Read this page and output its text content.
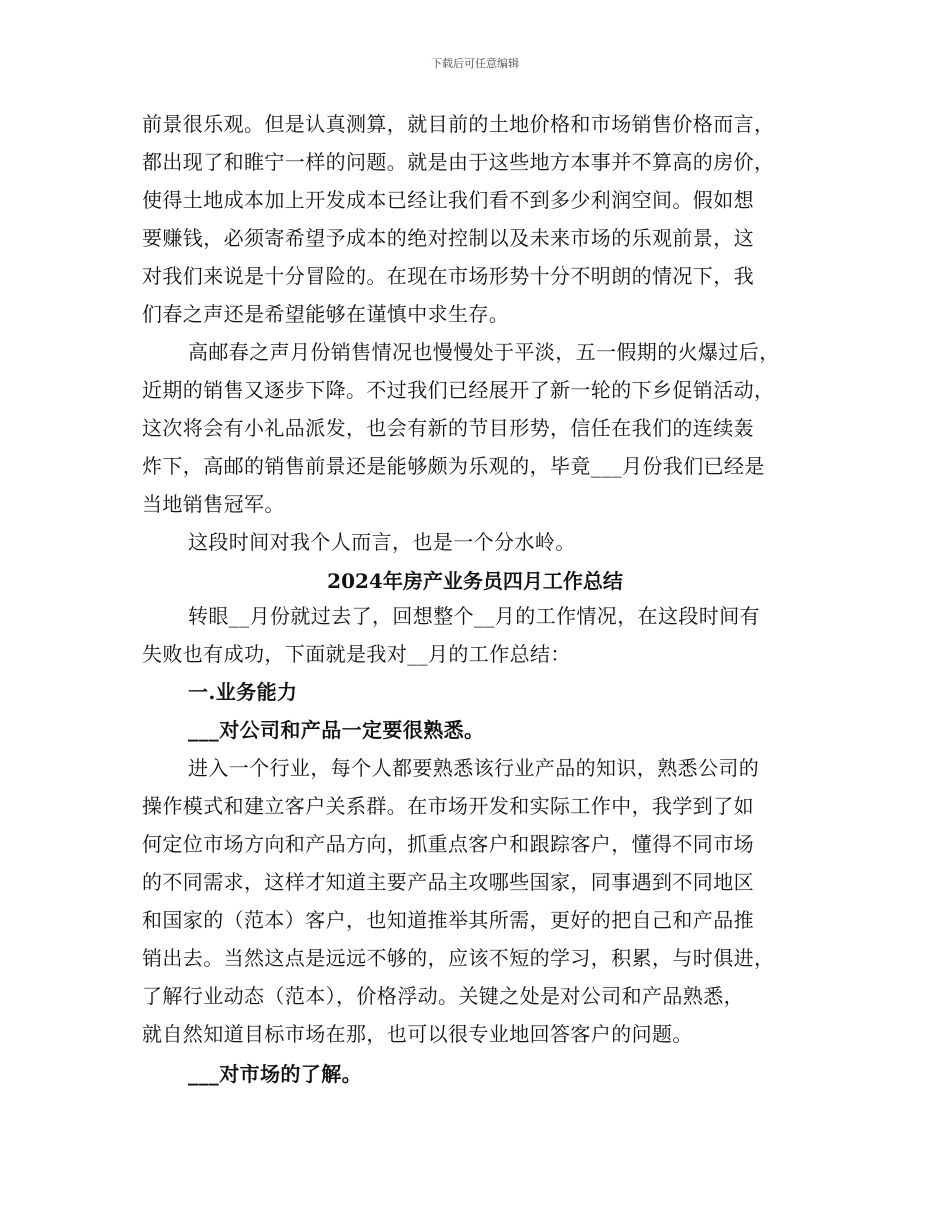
下载后可任意编辑
前景很乐观。但是认真测算，就目前的土地价格和市场销售价格而言，
都出现了和睢宁一样的问题。就是由于这些地方本事并不算高的房价，
使得土地成本加上开发成本已经让我们看不到多少利润空间。假如想
要赚钱，必须寄希望予成本的绝对控制以及未来市场的乐观前景，这
对我们来说是十分冒险的。在现在市场形势十分不明朗的情况下，我
们春之声还是希望能够在谨慎中求生存。
高邮春之声月份销售情况也慢慢处于平淡，五一假期的火爆过后，
近期的销售又逐步下降。不过我们已经展开了新一轮的下乡促销活动，
这次将会有小礼品派发，也会有新的节目形势，信任在我们的连续轰
炸下，高邮的销售前景还是能够颇为乐观的，毕竟___月份我们已经是
当地销售冠军。
这段时间对我个人而言，也是一个分水岭。
2024年房产业务员四月工作总结
转眼__月份就过去了，回想整个__月的工作情况，在这段时间有
失败也有成功，下面就是我对__月的工作总结：
一.业务能力
___对公司和产品一定要很熟悉。
进入一个行业，每个人都要熟悉该行业产品的知识，熟悉公司的
操作模式和建立客户关系群。在市场开发和实际工作中，我学到了如
何定位市场方向和产品方向，抓重点客户和跟踪客户，懂得不同市场
的不同需求，这样才知道主要产品主攻哪些国家，同事遇到不同地区
和国家的（范本）客户，也知道推举其所需，更好的把自己和产品推
销出去。当然这点是远远不够的，应该不短的学习，积累，与时俱进，
了解行业动态（范本），价格浮动。关键之处是对公司和产品熟悉，
就自然知道目标市场在那，也可以很专业地回答客户的问题。
___对市场的了解。
